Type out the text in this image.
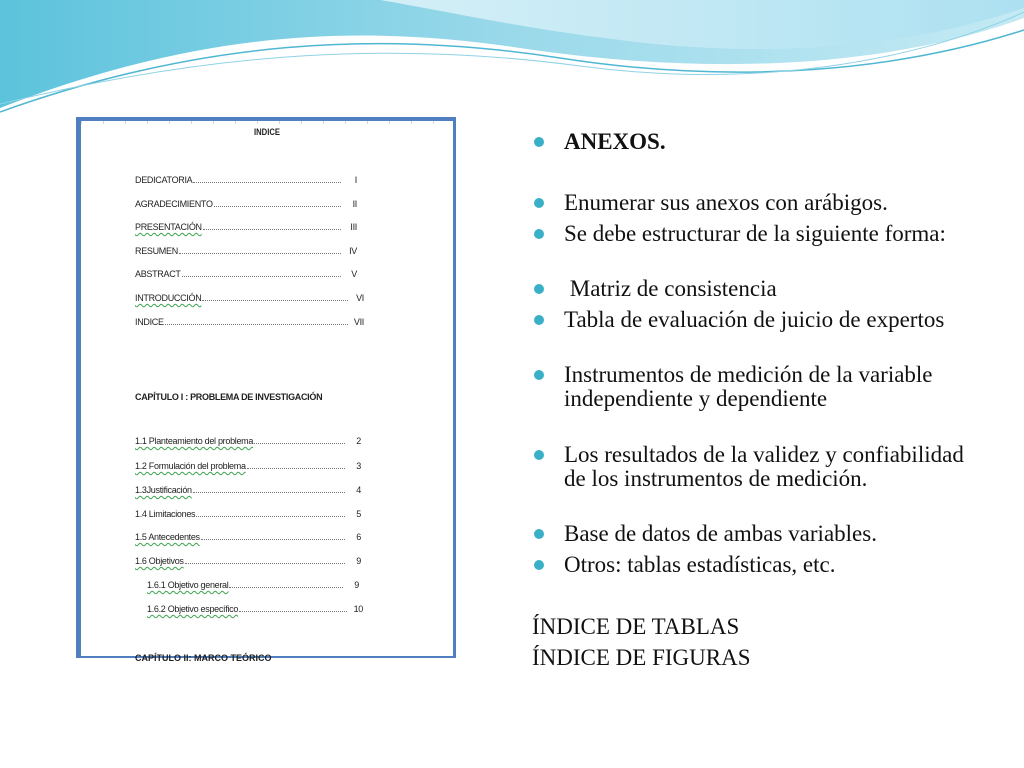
INDICE
DEDICATORIA	I
AGRADECIMIENTO	II
PRESENTACIÓN	III
RESUMEN	IV
ABSTRACT	V
INTRODUCCIÓN	VI
INDICE	VII
CAPÍTULO I : PROBLEMA DE INVESTIGACIÓN
1.1 Planteamiento del problema	2
1.2 Formulación del problema	3
1.3Justificación	4
1.4 Limitaciones	5
1.5 Antecedentes	6
1.6 Objetivos	9
1.6.1 Objetivo general	9
1.6.2 Objetivo específico	10
CAPÍTULO II: MARCO TEÓRICO
ANEXOS.
Enumerar sus anexos con arábigos.
Se debe estructurar de la siguiente forma:
Matriz de consistencia
Tabla de evaluación de juicio de expertos
Instrumentos de medición de la variable independiente y dependiente
Los resultados de la validez y confiabilidad de los instrumentos de medición.
Base de datos de ambas variables.
Otros: tablas estadísticas, etc.
ÍNDICE DE TABLAS
ÍNDICE DE FIGURAS
